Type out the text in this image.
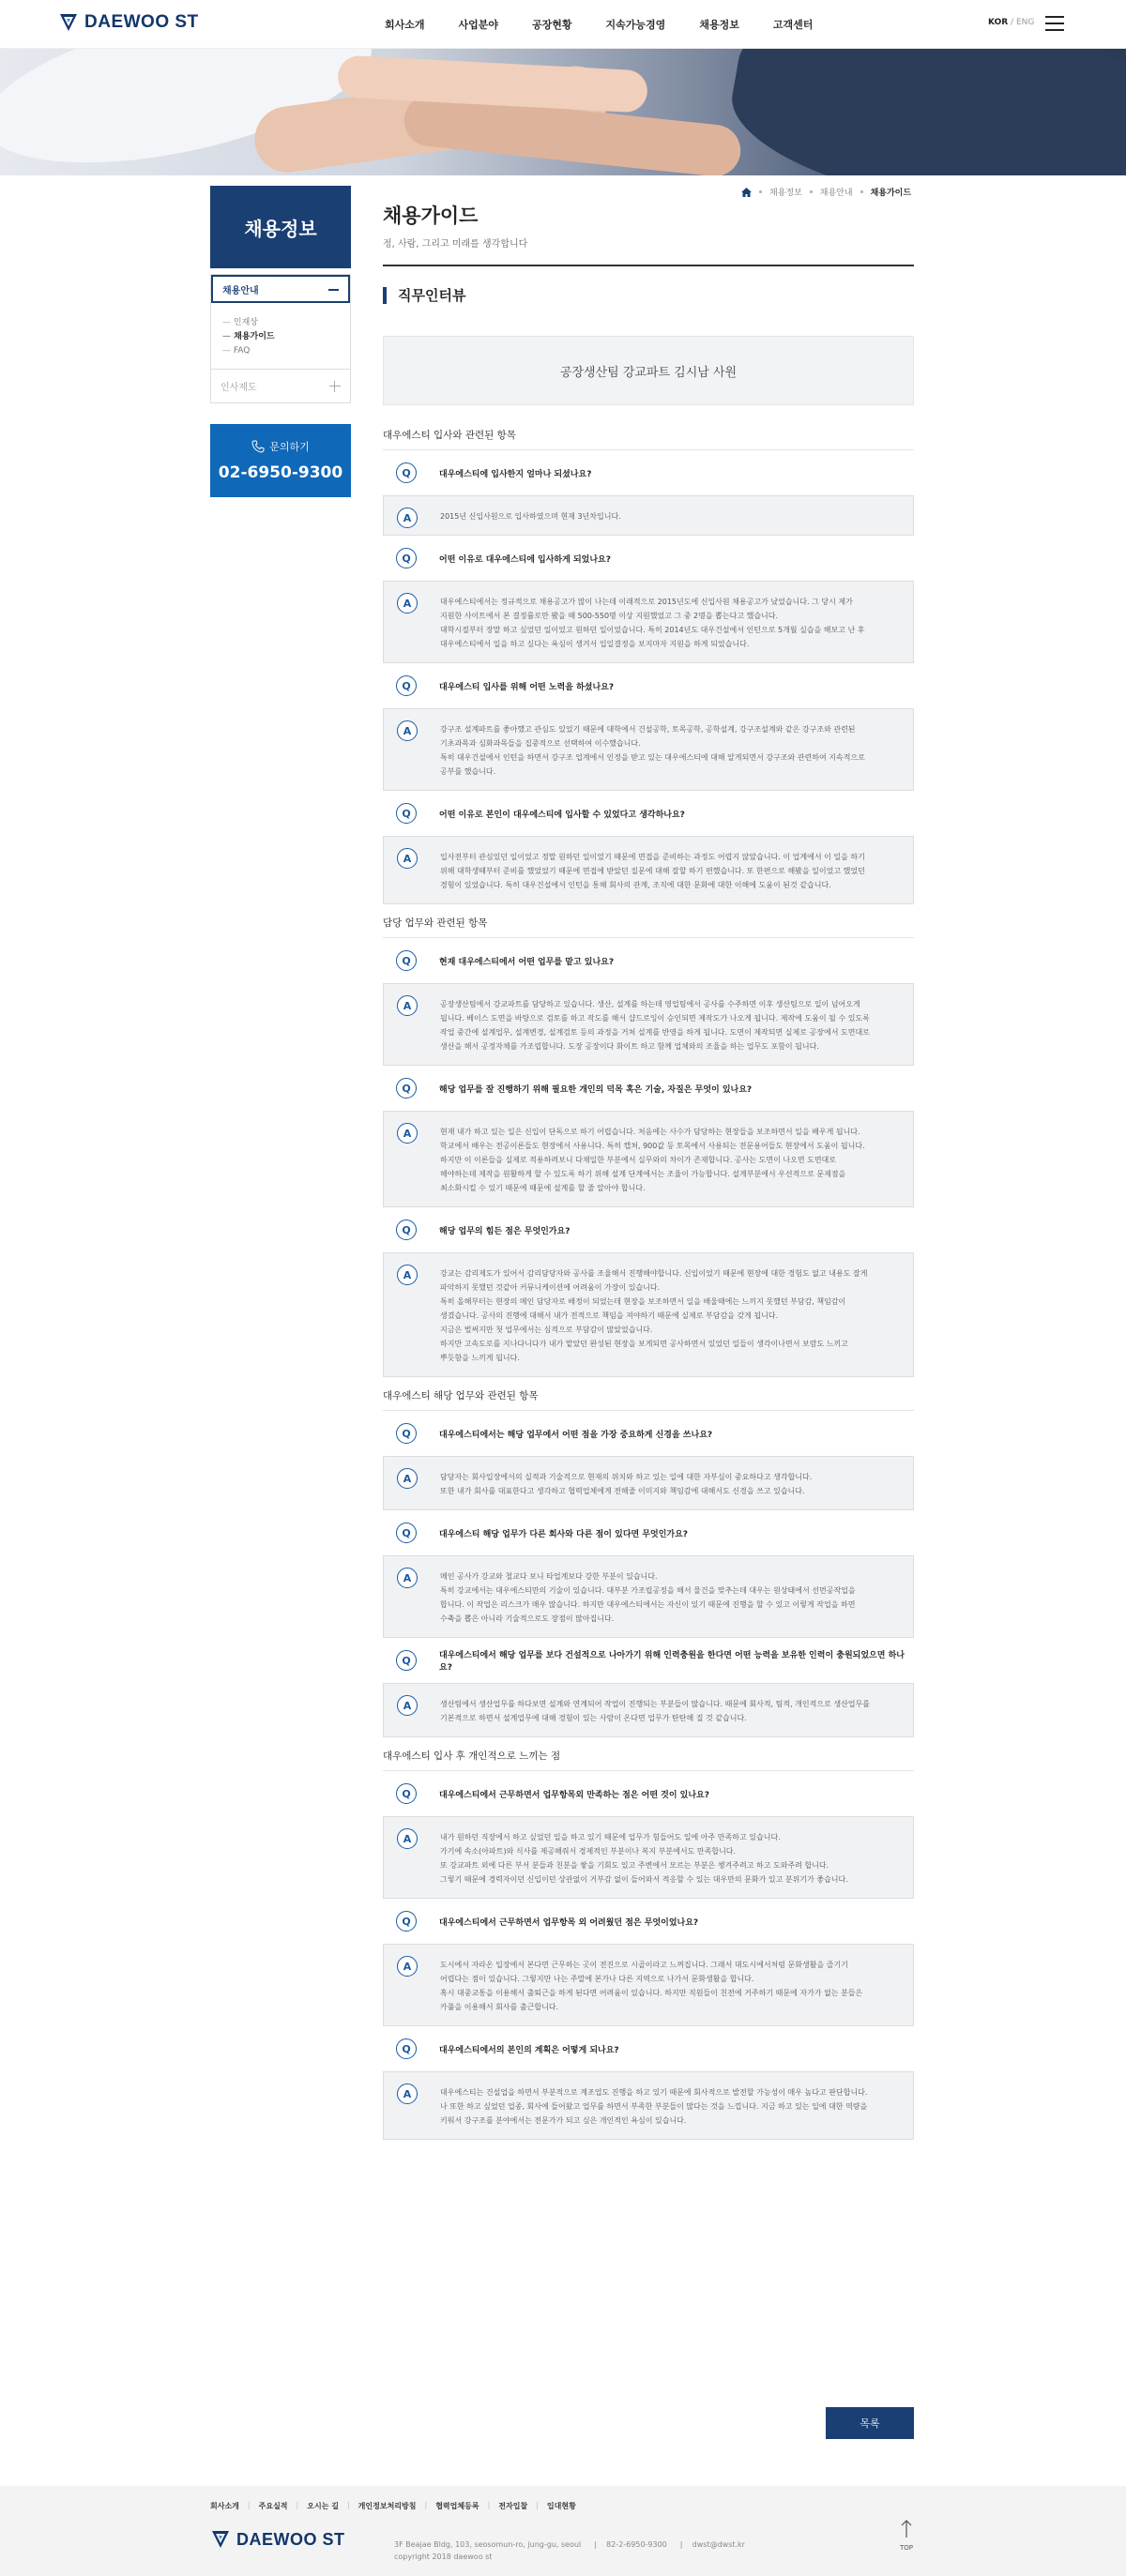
DAEWOO ST	회사소개	사업분야	공장현황	지속가능경영	채용정보	고객센터	KOR / ENG
채용정보
채용안내
— 인재상
— 채용가이드
— FAQ
인사제도
문의하기
02-6950-9300
채용정보 채용안내 채용가이드
채용가이드

정, 사람, 그리고 미래를 생각합니다

직무인터뷰
공장생산팀 강교파트 김시남 사원
대우에스티 입사와 관련된 항목
Q	대우에스티에 입사한지 얼마나 되셨나요?
A	2015년 신입사원으로 입사하였으며 현재 3년차입니다.

Q	어떤 이유로 대우에스티에 입사하게 되었나요?
A	대우에스티에서는 정규적으로 채용공고가 많이 나는데 이래적으로 2015년도에 신입사원 채용공고가 났었습니다. 그 당시 제가

지원한 사이트에서 본 결정률로만 봤을 때 500-550명 이상 지원했었고 그 중 2명을 뽑는다고 했습니다.

대학시절부터 장말 하고 싶었던 일이었고 원하던 일이었습니다. 특히 2014년도 대우건설에서 인턴으로 5개월 실습을 해보고 난 후

대우에스티에서 일을 하고 싶다는 욕심이 생겨서 입일결정을 보지마자 지원을 하게 되었습니다.

Q	대우에스티 입사를 위해 어떤 노력을 하셨나요?
A	강구조 설계파트를 좋아했고 관심도 있었기 때문에 대학에서 건설공학, 토목공학, 공학설계, 강구조설계와 같은 강구조와 관련된

기초과목과 심화과목들을 집중적으로 선택하여 이수했습니다.

특히 대우건설에서 인턴을 하면서 강구조 업계에서 인정을 받고 있는 대우에스티에 대해 알게되면서 강구조와 관련하여 지속적으로

공부를 했습니다.

Q	어떤 이유로 본인이 대우에스티에 입사할 수 있었다고 생각하나요?
A	입사전부터 관심있던 일이었고 정말 원하던 일이었기 때문에 면접을 준비하는 과정도 어렵지 않았습니다. 이 업계에서 이 일을 하기

위해 대학생때부터 준비를 했었었기 때문에 면접에 받았던 질문에 대해 잘할 하기 편했습니다. 또 한편으로 해봤을 일이었고 했었던

경험이 있었습니다. 특히 대우건설에서 인턴을 통해 회사의 관계, 조직에 대한 문화에 대한 이해에 도움이 된것 같습니다.

담당 업무와 관련된 항목
Q	현재 대우에스티에서 어떤 업무를 맡고 있나요?
A	공장생산팀에서 강교파트를 담당하고 있습니다. 생산, 설계를 하는데 영업팀에서 공사를 수주하면 이후 생산팀으로 일이 넘어오게

됩니다. 베이스 도면을 바탕으로 검토를 하고 작도를 해서 샵드로잉이 승인되면 제작도가 나오게 됩니다. 제작에 도움이 될 수 있도록

작업 중간에 설계업무, 설계변경, 설계검토 등의 과정을 거쳐 설계를 반영을 하게 됩니다. 도면이 제작되면 실제로 공장에서 도면대로

생산을 해서 공정자체를 가조립합니다. 도장 공장이다 화이트 하고 함께 업체와의 조율을 하는 업무도 포함이 됩니다.

Q	해당 업무를 잘 진행하기 위해 필요한 개인의 덕목 혹은 기술, 자질은 무엇이 있나요?
A	현재 내가 하고 있는 일은 신입이 단독으로 하기 어렵습니다. 처음에는 사수가 담당하는 현장들을 보조하면서 일을 배우게 됩니다.

학교에서 배우는 전공이론들도 현장에서 사용니다. 특히 캡쳐, 900값 등 토목에서 사용되는 전문용어들도 현장에서 도움이 됩니다.

하지만 이 이론들을 실제로 적용하려보니 다채일한 부분에서 실무와의 차이가 존재합니다. 공사는 도면이 나오면 도면대로

해야하는데 제작을 원활하게 할 수 있도록 하기 위해 설계 단계에서는 조율이 가능합니다. 설계부분에서 우선적으로 문제점을

최소화시킬 수 있기 때문에 때문에 설계를 할 줄 알아야 합니다.

Q	해당 업무의 힘든 점은 무엇인가요?
A	강교는 감리제도가 있어서 감리담당자와 공사를 조율해서 진행해야합니다. 신입이었기 때문에 현장에 대한 경험도 없고 내용도 잘게

파악하지 못했던 것같아 커뮤니케이션에 어려움이 가장이 있습니다.

특히 올해부터는 현장의 메인 담당자로 배정이 되었는데 현장을 보조하면서 일을 배울때에는 느끼지 못했던 부담감, 책임감이

생겼습니다. 공사의 진행에 대해서 내가 전적으로 책임을 져야하기 때문에 실제로 부담감을 갖게 됩니다.

지금은 벌써지만 첫 업무에서는 심적으로 부담감이 많았었습니다.

하지만 고속도로를 지나다니다가 내가 맡았던 완성된 현장을 보게되면 공사하면서 있었던 일들이 생각이나면서 보람도 느끼고

뿌듯함을 느끼게 됩니다.

대우에스티 해당 업무와 관련된 항목
Q	대우에스티에서는 해당 업무에서 어떤 점을 가장 중요하게 신경을 쓰나요?
A	담당자는 회사입장에서의 실적과 기술적으로 현재의 위치와 하고 있는 일에 대한 자부심이 중요하다고 생각합니다.

또한 내가 회사를 대표한다고 생각하고 협력업체에게 전해줄 이미지와 책임감에 대해서도 신경을 쓰고 있습니다.

Q	대우에스티 해당 업무가 다른 회사와 다른 점이 있다면 무엇인가요?
A	메인 공사가 강교와 철교다 보니 타업계보다 강한 부분이 있습니다.

특히 강교에서는 대우에스티만의 기술이 있습니다. 대부분 가조립공정을 해서 물건을 맞추는데 대우는 원상태에서 선먼공작업을

합니다. 이 작업은 리스크가 매우 많습니다. 하지만 대우에스티에서는 자신이 있기 때문에 진행을 할 수 있고 이렇게 작업을 하면

수축을 뽑은 아니라 기술적으로도 장점이 많아집니다.

Q	대우에스티에서 해당 업무를 보다 건설적으로 나아가기 위해 인력충원을 한다면 어떤 능력을 보유한 인력이 충원되었으면 하나요?
A	생산팀에서 생산업무를 하다보면 설계와 연계되어 작업이 진행되는 부분들이 많습니다. 때문에 회사적, 팀적, 개인적으로 생산업무를

기본적으로 하면서 설계업무에 대해 경험이 있는 사람이 온다면 업무가 탄탄해 질 것 같습니다.

대우에스티 입사 후 개인적으로 느끼는 점
Q	대우에스티에서 근무하면서 업무항목외 만족하는 점은 어떤 것이 있나요?
A	내가 원하던 직장에서 하고 싶었던 일을 하고 있기 때문에 업무가 힘들어도 일에 아주 만족하고 있습니다.

가기에 속소(아파트)와 식사를 제공해줘서 경제적인 부분이나 복지 부분에서도 만족합니다.

또 강교파트 외에 다른 부서 분들과 친분을 쌓을 기회도 있고 주변에서 모르는 부분은 챙겨주려고 하고 도와주려 합니다.

그렇기 때문에 경력자이던 신입이던 상관없이 거부감 없이 들어와서 적응할 수 있는 대우만의 문화가 있고 분위기가 좋습니다.

Q	대우에스티에서 근무하면서 업무항목 외 어려웠던 점은 무엇이었나요?
A	도시에서 자라온 입장에서 본다면 근무하는 곳이 전진으로 시골이라고 느껴집니다. 그래서 대도시에서처럼 문화생활을 즐기기

어렵다는 점이 있습니다. 그렇지만 나는 주말에 본가나 다른 지역으로 나가서 문화생활을 합니다.

혹시 대중교통을 이용해서 출퇴근을 하게 된다면 어려움이 있습니다. 하지만 직원들이 친전에 거주하기 때문에 자가가 없는 분들은

카풀을 이용해서 회사를 출근합니다.

Q	대우에스티에서의 본인의 계획은 어떻게 되나요?
A	대우에스티는 건설업을 하면서 부분적으로 계조업도 진행을 하고 있기 때문에 회사적으로 발전할 가능성이 매우 높다고 판단합니다.

나 또한 하고 싶었던 업종, 회사에 들어왔고 업무를 하면서 부족한 부분들이 많다는 것을 느낍니다. 지금 하고 있는 일에 대한 역량을

키워서 강구조를 분야에서는 전문가가 되고 싶은 개인적인 욕심이 있습니다.

목록
회사소개 | 주요실적 | 오시는 길 | 개인정보처리방침 | 협력업체등록 | 전자입찰 | 입대현황
DAEWOO ST	3F Beajae Bldg, 103, seosomun-ro, jung-gu, seoul |    82-2-6950-9300 |    dwst@dwst.kr
copyright 2018 daewoo st
TOP
